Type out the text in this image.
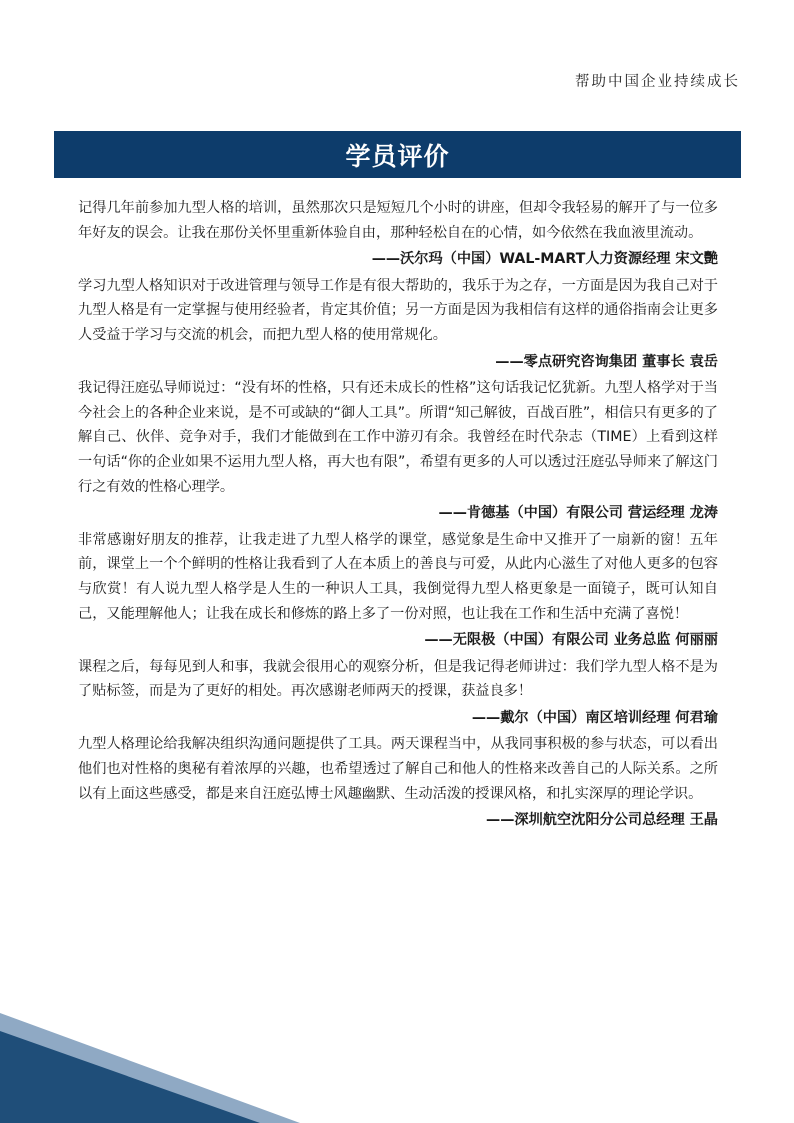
帮助中国企业持续成长
学员评价

记得几年前参加九型人格的培训，虽然那次只是短短几个小时的讲座，但却令我轻易的解开了与一位多年好友的误会。让我在那份关怀里重新体验自由，那种轻松自在的心情，如今依然在我血液里流动。

——沃尔玛（中国）WAL-MART人力资源经理 宋文艷

学习九型人格知识对于改进管理与领导工作是有很大帮助的，我乐于为之存，一方面是因为我自己对于九型人格是有一定掌握与使用经验者，肯定其价值；另一方面是因为我相信有这样的通俗指南会让更多人受益于学习与交流的机会，而把九型人格的使用常规化。

——零点研究咨询集团 董事长 袁岳

我记得汪庭弘导师说过：“没有坏的性格，只有还未成长的性格”这句话我记忆犹新。九型人格学对于当今社会上的各种企业来说，是不可或缺的“御人工具”。所谓“知己解彼，百战百胜”，相信只有更多的了解自己、伙伴、竞争对手，我们才能做到在工作中游刃有余。我曾经在时代杂志（TIME）上看到这样一句话“你的企业如果不运用九型人格，再大也有限”，希望有更多的人可以透过汪庭弘导师来了解这门行之有效的性格心理学。

——肯德基（中国）有限公司 营运经理 龙涛

非常感谢好朋友的推荐，让我走进了九型人格学的课堂，感觉象是生命中又推开了一扇新的窗！五年前，课堂上一个个鲜明的性格让我看到了人在本质上的善良与可爱，从此内心滋生了对他人更多的包容与欣赏！有人说九型人格学是人生的一种识人工具，我倒觉得九型人格更象是一面镜子，既可认知自己，又能理解他人；让我在成长和修炼的路上多了一份对照，也让我在工作和生活中充满了喜悦！

——无限极（中国）有限公司 业务总监 何丽丽

课程之后，每每见到人和事，我就会很用心的观察分析，但是我记得老师讲过：我们学九型人格不是为了贴标签，而是为了更好的相处。再次感谢老师两天的授课，获益良多！

——戴尔（中国）南区培训经理 何君瑜

九型人格理论给我解决组织沟通问题提供了工具。两天课程当中，从我同事积极的参与状态，可以看出他们也对性格的奥秘有着浓厚的兴趣，也希望透过了解自己和他人的性格来改善自己的人际关系。之所以有上面这些感受，都是来自汪庭弘博士风趣幽默、生动活泼的授课风格，和扎实深厚的理论学识。

——深圳航空沈阳分公司总经理 王晶
